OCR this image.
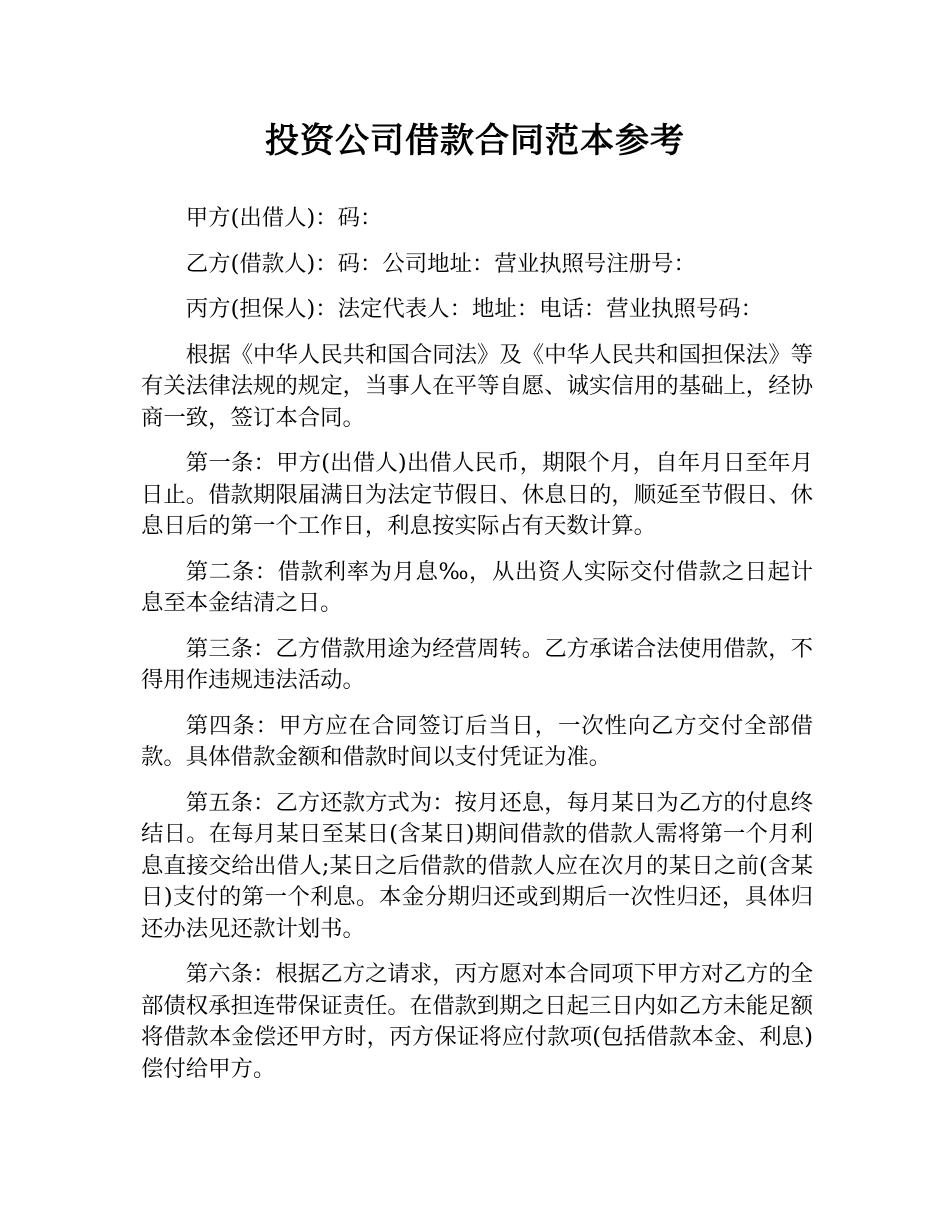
投资公司借款合同范本参考

甲方(出借人)：码：

乙方(借款人)：码：公司地址：营业执照号注册号：

丙方(担保人)：法定代表人：地址：电话：营业执照号码：

根据《中华人民共和国合同法》及《中华人民共和国担保法》等有关法律法规的规定，当事人在平等自愿、诚实信用的基础上，经协商一致，签订本合同。

第一条：甲方(出借人)出借人民币，期限个月，自年月日至年月日止。借款期限届满日为法定节假日、休息日的，顺延至节假日、休息日后的第一个工作日，利息按实际占有天数计算。

第二条：借款利率为月息‰，从出资人实际交付借款之日起计息至本金结清之日。

第三条：乙方借款用途为经营周转。乙方承诺合法使用借款，不得用作违规违法活动。

第四条：甲方应在合同签订后当日，一次性向乙方交付全部借款。具体借款金额和借款时间以支付凭证为准。

第五条：乙方还款方式为：按月还息，每月某日为乙方的付息终结日。在每月某日至某日(含某日)期间借款的借款人需将第一个月利息直接交给出借人;某日之后借款的借款人应在次月的某日之前(含某日)支付的第一个利息。本金分期归还或到期后一次性归还，具体归还办法见还款计划书。

第六条：根据乙方之请求，丙方愿对本合同项下甲方对乙方的全部债权承担连带保证责任。在借款到期之日起三日内如乙方未能足额将借款本金偿还甲方时，丙方保证将应付款项(包括借款本金、利息)偿付给甲方。
